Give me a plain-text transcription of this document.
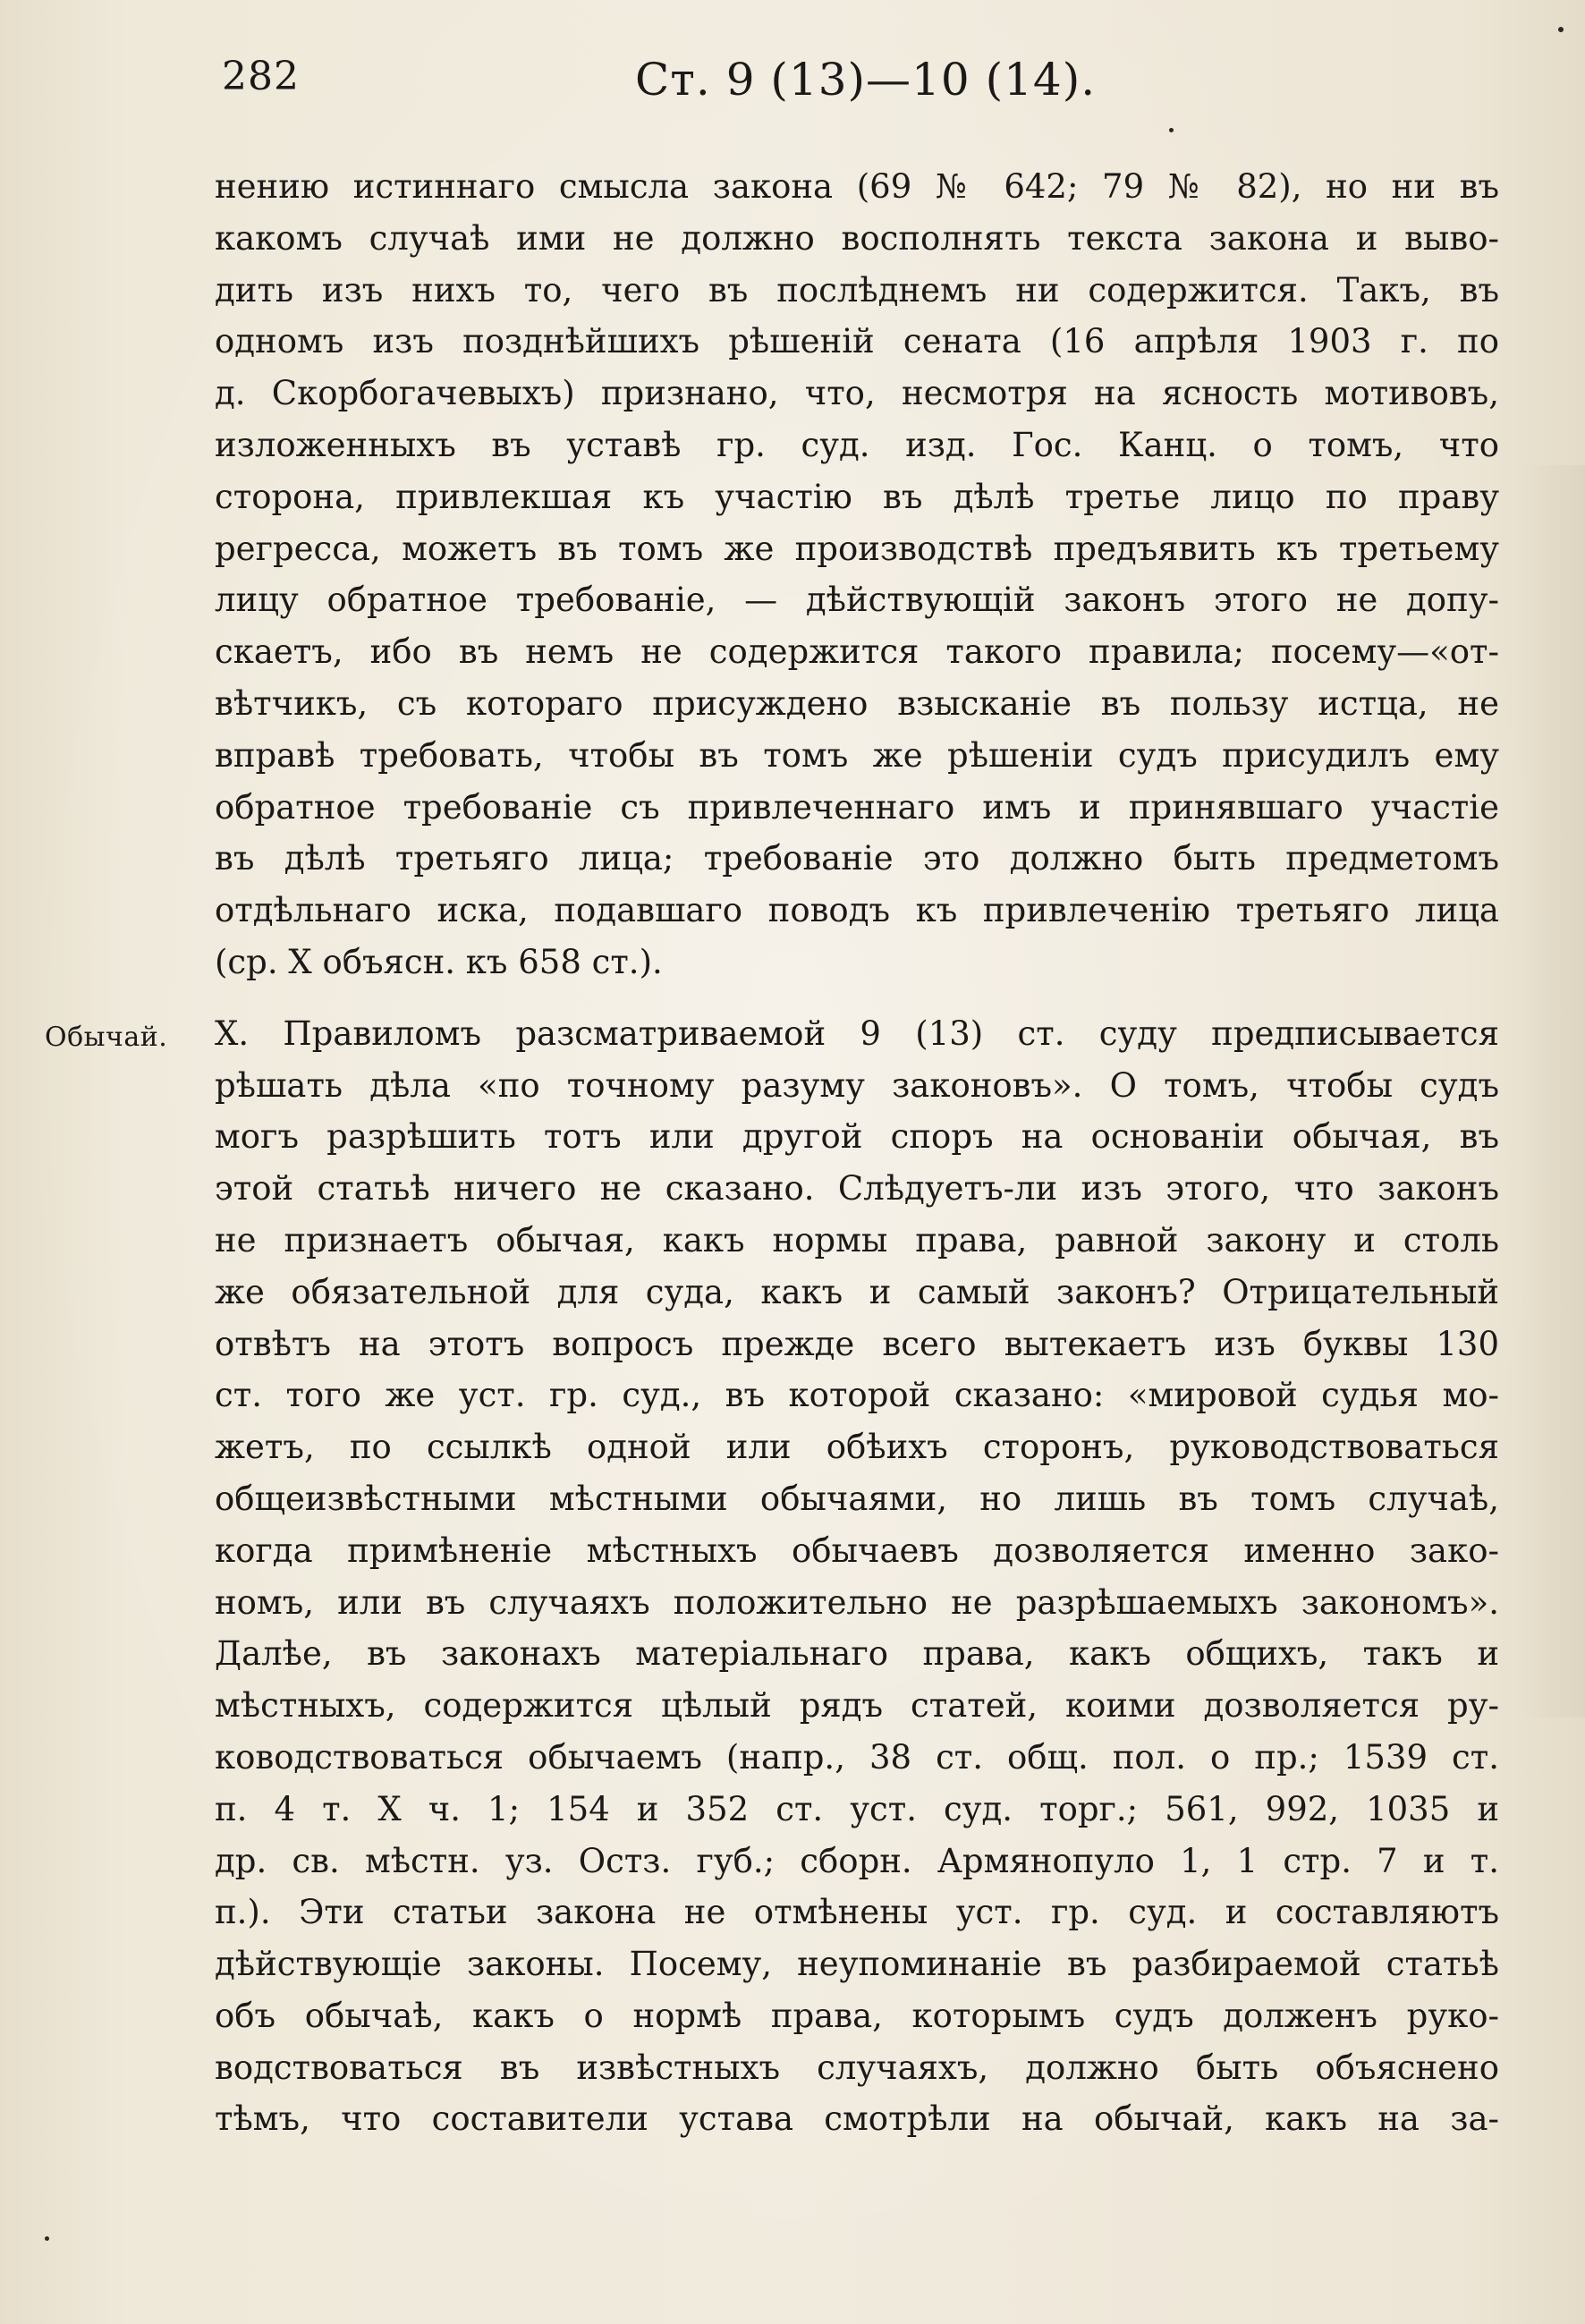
282	Ст. 9 (13)—10 (14).
Обычай.
нению истиннаго смысла закона (69 № 642; 79 № 82), но ни въ
какомъ случаѣ ими не должно восполнять текста закона и выво-
дить изъ нихъ то, чего въ послѣднемъ ни содержится. Такъ, въ
одномъ изъ позднѣйшихъ рѣшеній сената (16 апрѣля 1903 г. по
д. Скорбогачевыхъ) признано, что, несмотря на ясность мотивовъ,
изложенныхъ въ уставѣ гр. суд. изд. Гос. Канц. о томъ, что
сторона, привлекшая къ участію въ дѣлѣ третье лицо по праву
регресса, можетъ въ томъ же производствѣ предъявить къ третьему
лицу обратное требованіе, — дѣйствующій законъ этого не допу-
скаетъ, ибо въ немъ не содержится такого правила; посему—«от-
вѣтчикъ, съ котораго присуждено взысканіе въ пользу истца, не
вправѣ требовать, чтобы въ томъ же рѣшеніи судъ присудилъ ему
обратное требованіе съ привлеченнаго имъ и принявшаго участіе
въ дѣлѣ третьяго лица; требованіе это должно быть предметомъ
отдѣльнаго иска, подавшаго поводъ къ привлеченію третьяго лица
(ср. X объясн. къ 658 ст.).
X. Правиломъ разсматриваемой 9 (13) ст. суду предписывается
рѣшать дѣла «по точному разуму законовъ». О томъ, чтобы судъ
могъ разрѣшить тотъ или другой споръ на основаніи обычая, въ
этой статьѣ ничего не сказано. Слѣдуетъ-ли изъ этого, что законъ
не признаетъ обычая, какъ нормы права, равной закону и столь
же обязательной для суда, какъ и самый законъ? Отрицательный
отвѣтъ на этотъ вопросъ прежде всего вытекаетъ изъ буквы 130
ст. того же уст. гр. суд., въ которой сказано: «мировой судья мо-
жетъ, по ссылкѣ одной или обѣихъ сторонъ, руководствоваться
общеизвѣстными мѣстными обычаями, но лишь въ томъ случаѣ,
когда примѣненіе мѣстныхъ обычаевъ дозволяется именно зако-
номъ, или въ случаяхъ положительно не разрѣшаемыхъ закономъ».
Далѣе, въ законахъ матеріальнаго права, какъ общихъ, такъ и
мѣстныхъ, содержится цѣлый рядъ статей, коими дозволяется ру-
ководствоваться обычаемъ (напр., 38 ст. общ. пол. о пр.; 1539 ст.
п. 4 т. X ч. 1; 154 и 352 ст. уст. суд. торг.; 561, 992, 1035 и
др. св. мѣстн. уз. Остз. губ.; сборн. Армянопуло 1, 1 стр. 7 и т.
п.). Эти статьи закона не отмѣнены уст. гр. суд. и составляютъ
дѣйствующіе законы. Посему, неупоминаніе въ разбираемой статьѣ
объ обычаѣ, какъ о нормѣ права, которымъ судъ долженъ руко-
водствоваться въ извѣстныхъ случаяхъ, должно быть объяснено
тѣмъ, что составители устава смотрѣли на обычай, какъ на за-
